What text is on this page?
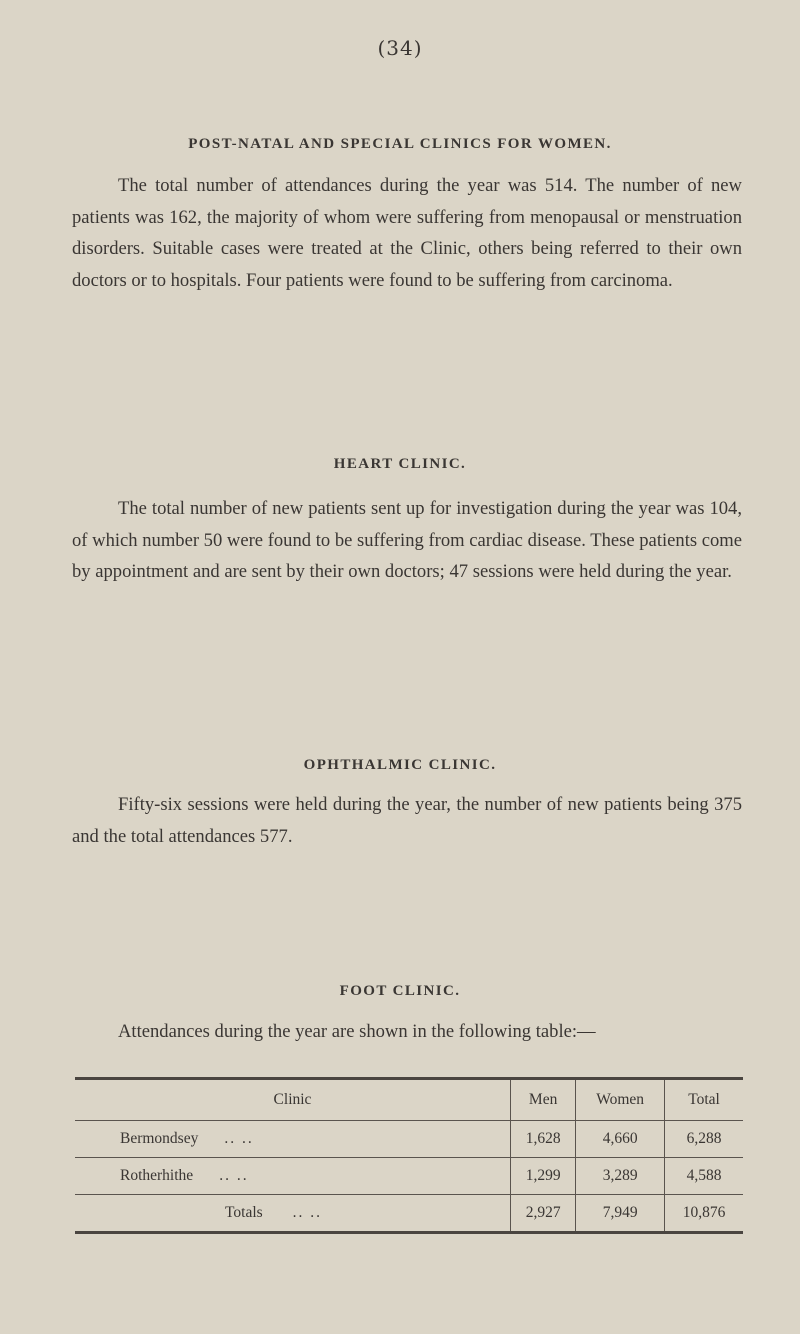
(34)
POST-NATAL AND SPECIAL CLINICS FOR WOMEN.

The total number of attendances during the year was 514. The number of new patients was 162, the majority of whom were suffering from menopausal or menstruation disorders. Suitable cases were treated at the Clinic, others being referred to their own doctors or to hospitals. Four patients were found to be suffering from carcinoma.

HEART CLINIC.

The total number of new patients sent up for investigation during the year was 104, of which number 50 were found to be suffering from cardiac disease. These patients come by appointment and are sent by their own doctors; 47 sessions were held during the year.

OPHTHALMIC CLINIC.

Fifty-six sessions were held during the year, the number of new patients being 375 and the total attendances 577.

FOOT CLINIC.

Attendances during the year are shown in the following table:—

Clinic	Men	Women	Total
Bermondsey .. ..	1,628	4,660	6,288
Rotherhithe .. ..	1,299	3,289	4,588
Totals .. ..	2,927	7,949	10,876
